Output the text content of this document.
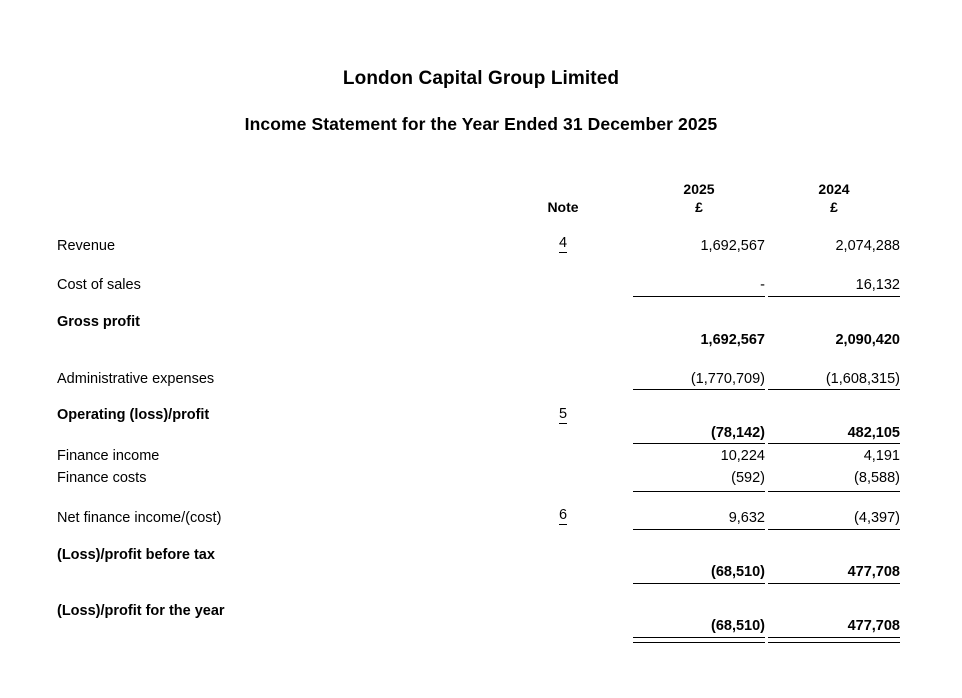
London Capital Group Limited
Income Statement for the Year Ended 31 December 2025
Note
2025
£
2024
£
Revenue	4	1,692,567	2,074,288
Cost of sales	-	16,132
Gross profit
1,692,567	2,090,420
Administrative expenses	(1,770,709)	(1,608,315)
Operating (loss)/profit	5
(78,142)	482,105
Finance income	10,224	4,191
Finance costs	(592)	(8,588)
Net finance income/(cost)	6	9,632	(4,397)
(Loss)/profit before tax
(68,510)	477,708
(Loss)/profit for the year
(68,510)	477,708
